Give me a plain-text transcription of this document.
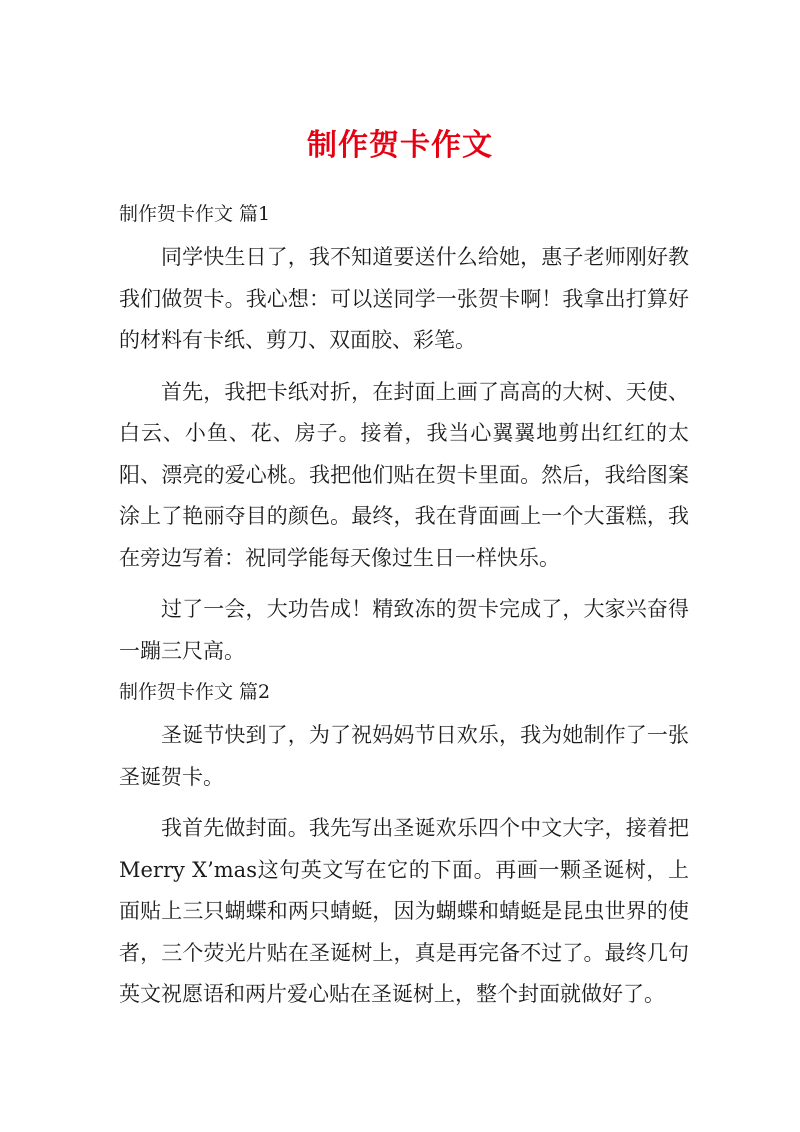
制作贺卡作文
制作贺卡作文 篇1

同学快生日了，我不知道要送什么给她，惠子老师刚好教我们做贺卡。我心想：可以送同学一张贺卡啊！我拿出打算好的材料有卡纸、剪刀、双面胶、彩笔。

首先，我把卡纸对折，在封面上画了高高的大树、天使、白云、小鱼、花、房子。接着，我当心翼翼地剪出红红的太阳、漂亮的爱心桃。我把他们贴在贺卡里面。然后，我给图案涂上了艳丽夺目的颜色。最终，我在背面画上一个大蛋糕，我在旁边写着：祝同学能每天像过生日一样快乐。

过了一会，大功告成！精致冻的贺卡完成了，大家兴奋得一蹦三尺高。

制作贺卡作文 篇2

圣诞节快到了，为了祝妈妈节日欢乐，我为她制作了一张圣诞贺卡。

我首先做封面。我先写出圣诞欢乐四个中文大字，接着把Merry X’mas这句英文写在它的下面。再画一颗圣诞树，上面贴上三只蝴蝶和两只蜻蜓，因为蝴蝶和蜻蜓是昆虫世界的使者，三个荧光片贴在圣诞树上，真是再完备不过了。最终几句英文祝愿语和两片爱心贴在圣诞树上，整个封面就做好了。
